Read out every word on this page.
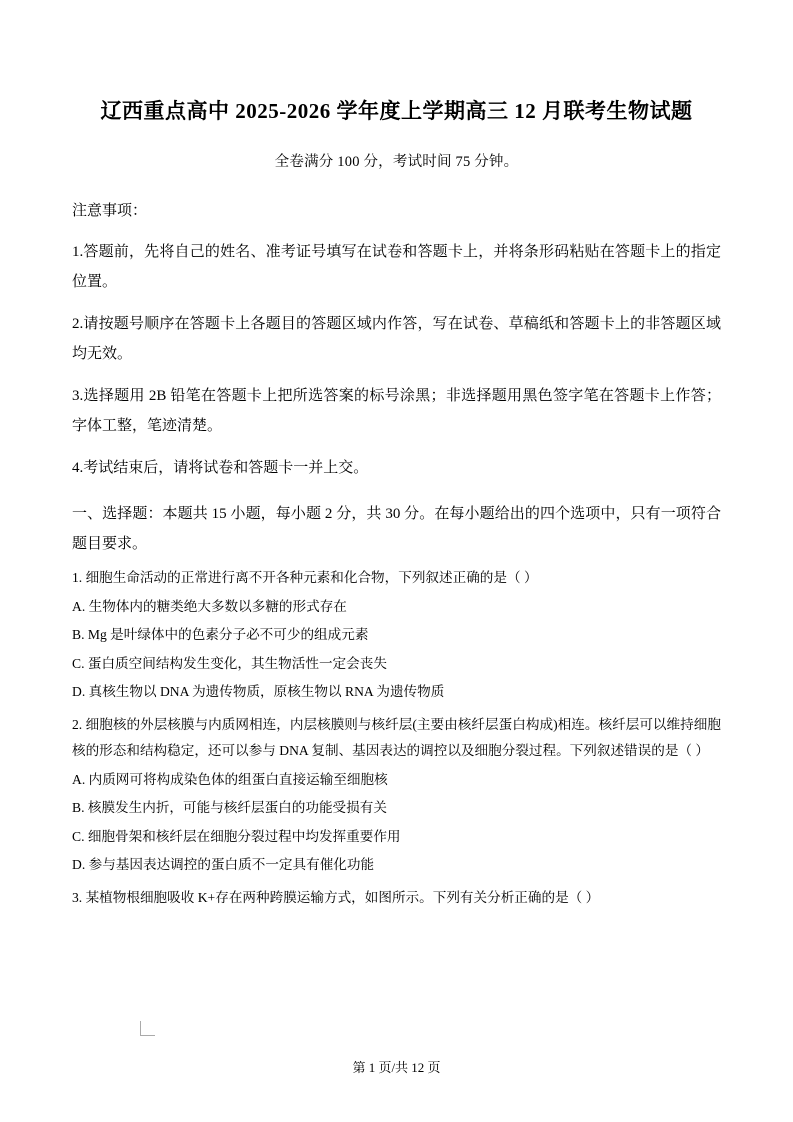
辽西重点高中 2025-2026 学年度上学期高三 12 月联考生物试题
全卷满分 100 分，考试时间 75 分钟。
注意事项：
1.答题前，先将自己的姓名、准考证号填写在试卷和答题卡上，并将条形码粘贴在答题卡上的指定位置。
2.请按题号顺序在答题卡上各题目的答题区域内作答，写在试卷、草稿纸和答题卡上的非答题区域均无效。
3.选择题用 2B 铅笔在答题卡上把所选答案的标号涂黑；非选择题用黑色签字笔在答题卡上作答；字体工整，笔迹清楚。
4.考试结束后，请将试卷和答题卡一并上交。
一、选择题：本题共 15 小题，每小题 2 分，共 30 分。在每小题给出的四个选项中，只有一项符合题目要求。
1. 细胞生命活动的正常进行离不开各种元素和化合物，下列叙述正确的是（ ）
A. 生物体内的糖类绝大多数以多糖的形式存在
B. Mg 是叶绿体中的色素分子必不可少的组成元素
C. 蛋白质空间结构发生变化，其生物活性一定会丧失
D. 真核生物以 DNA 为遗传物质，原核生物以 RNA 为遗传物质
2. 细胞核的外层核膜与内质网相连，内层核膜则与核纤层(主要由核纤层蛋白构成)相连。核纤层可以维持细胞核的形态和结构稳定，还可以参与 DNA 复制、基因表达的调控以及细胞分裂过程。下列叙述错误的是（ ）
A. 内质网可将构成染色体的组蛋白直接运输至细胞核
B. 核膜发生内折，可能与核纤层蛋白的功能受损有关
C. 细胞骨架和核纤层在细胞分裂过程中均发挥重要作用
D. 参与基因表达调控的蛋白质不一定具有催化功能
3. 某植物根细胞吸收 K+存在两种跨膜运输方式，如图所示。下列有关分析正确的是（ ）
第 1 页/共 12 页
